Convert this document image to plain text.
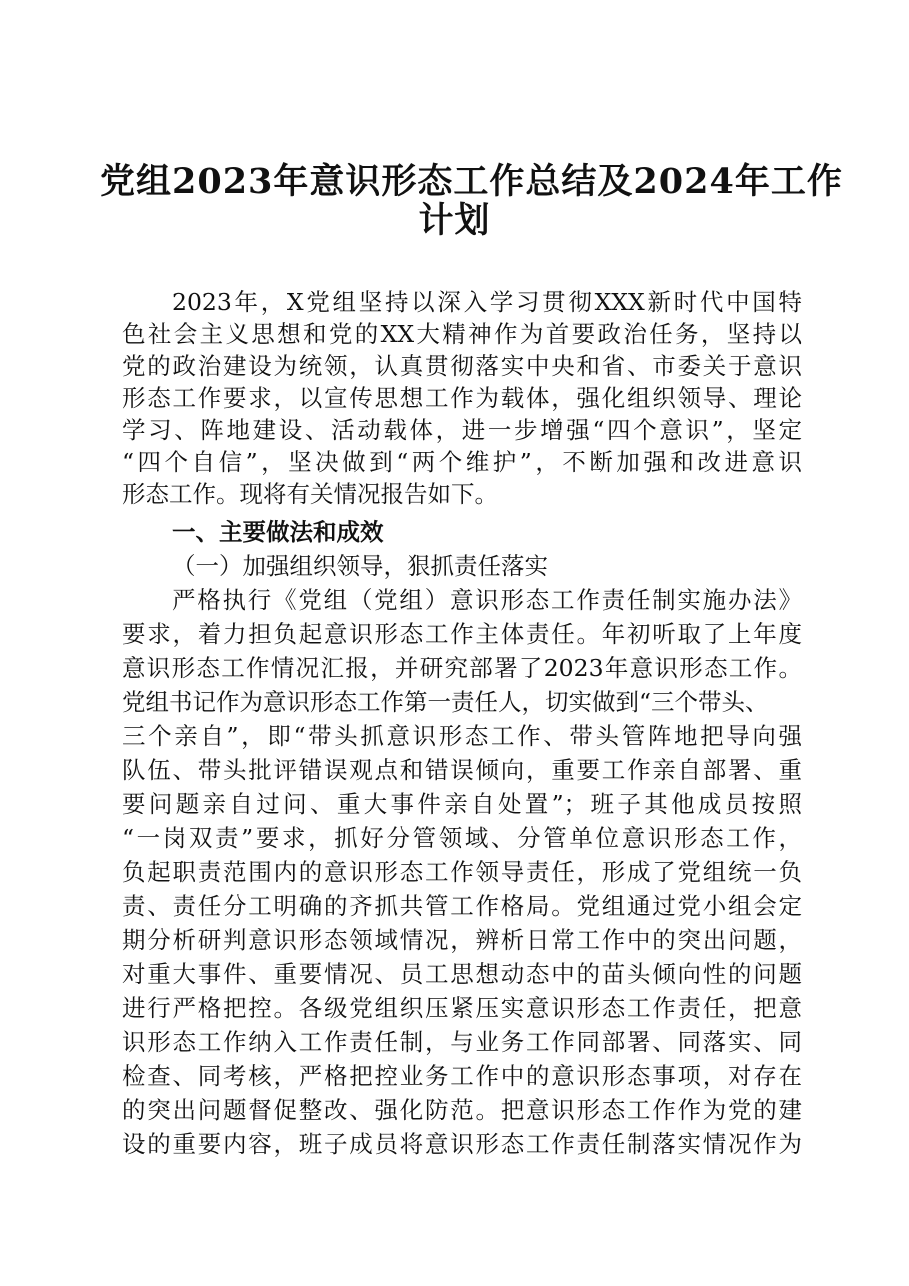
党组2023年意识形态工作总结及2024年工作
计划
2023年，X党组坚持以深入学习贯彻XXX新时代中国特
色社会主义思想和党的XX大精神作为首要政治任务，坚持以
党的政治建设为统领，认真贯彻落实中央和省、市委关于意识
形态工作要求，以宣传思想工作为载体，强化组织领导、理论
学习、阵地建设、活动载体，进一步增强“四个意识”，坚定
“四个自信”，坚决做到“两个维护”，不断加强和改进意识
形态工作。现将有关情况报告如下。
一、主要做法和成效
（一）加强组织领导，狠抓责任落实
严格执行《党组（党组）意识形态工作责任制实施办法》
要求，着力担负起意识形态工作主体责任。年初听取了上年度
意识形态工作情况汇报，并研究部署了2023年意识形态工作。
党组书记作为意识形态工作第一责任人，切实做到“三个带头、
三个亲自”，即“带头抓意识形态工作、带头管阵地把导向强
队伍、带头批评错误观点和错误倾向，重要工作亲自部署、重
要问题亲自过问、重大事件亲自处置”；班子其他成员按照
“一岗双责”要求，抓好分管领域、分管单位意识形态工作，
负起职责范围内的意识形态工作领导责任，形成了党组统一负
责、责任分工明确的齐抓共管工作格局。党组通过党小组会定
期分析研判意识形态领域情况，辨析日常工作中的突出问题，
对重大事件、重要情况、员工思想动态中的苗头倾向性的问题
进行严格把控。各级党组织压紧压实意识形态工作责任，把意
识形态工作纳入工作责任制，与业务工作同部署、同落实、同
检查、同考核，严格把控业务工作中的意识形态事项，对存在
的突出问题督促整改、强化防范。把意识形态工作作为党的建
设的重要内容，班子成员将意识形态工作责任制落实情况作为
